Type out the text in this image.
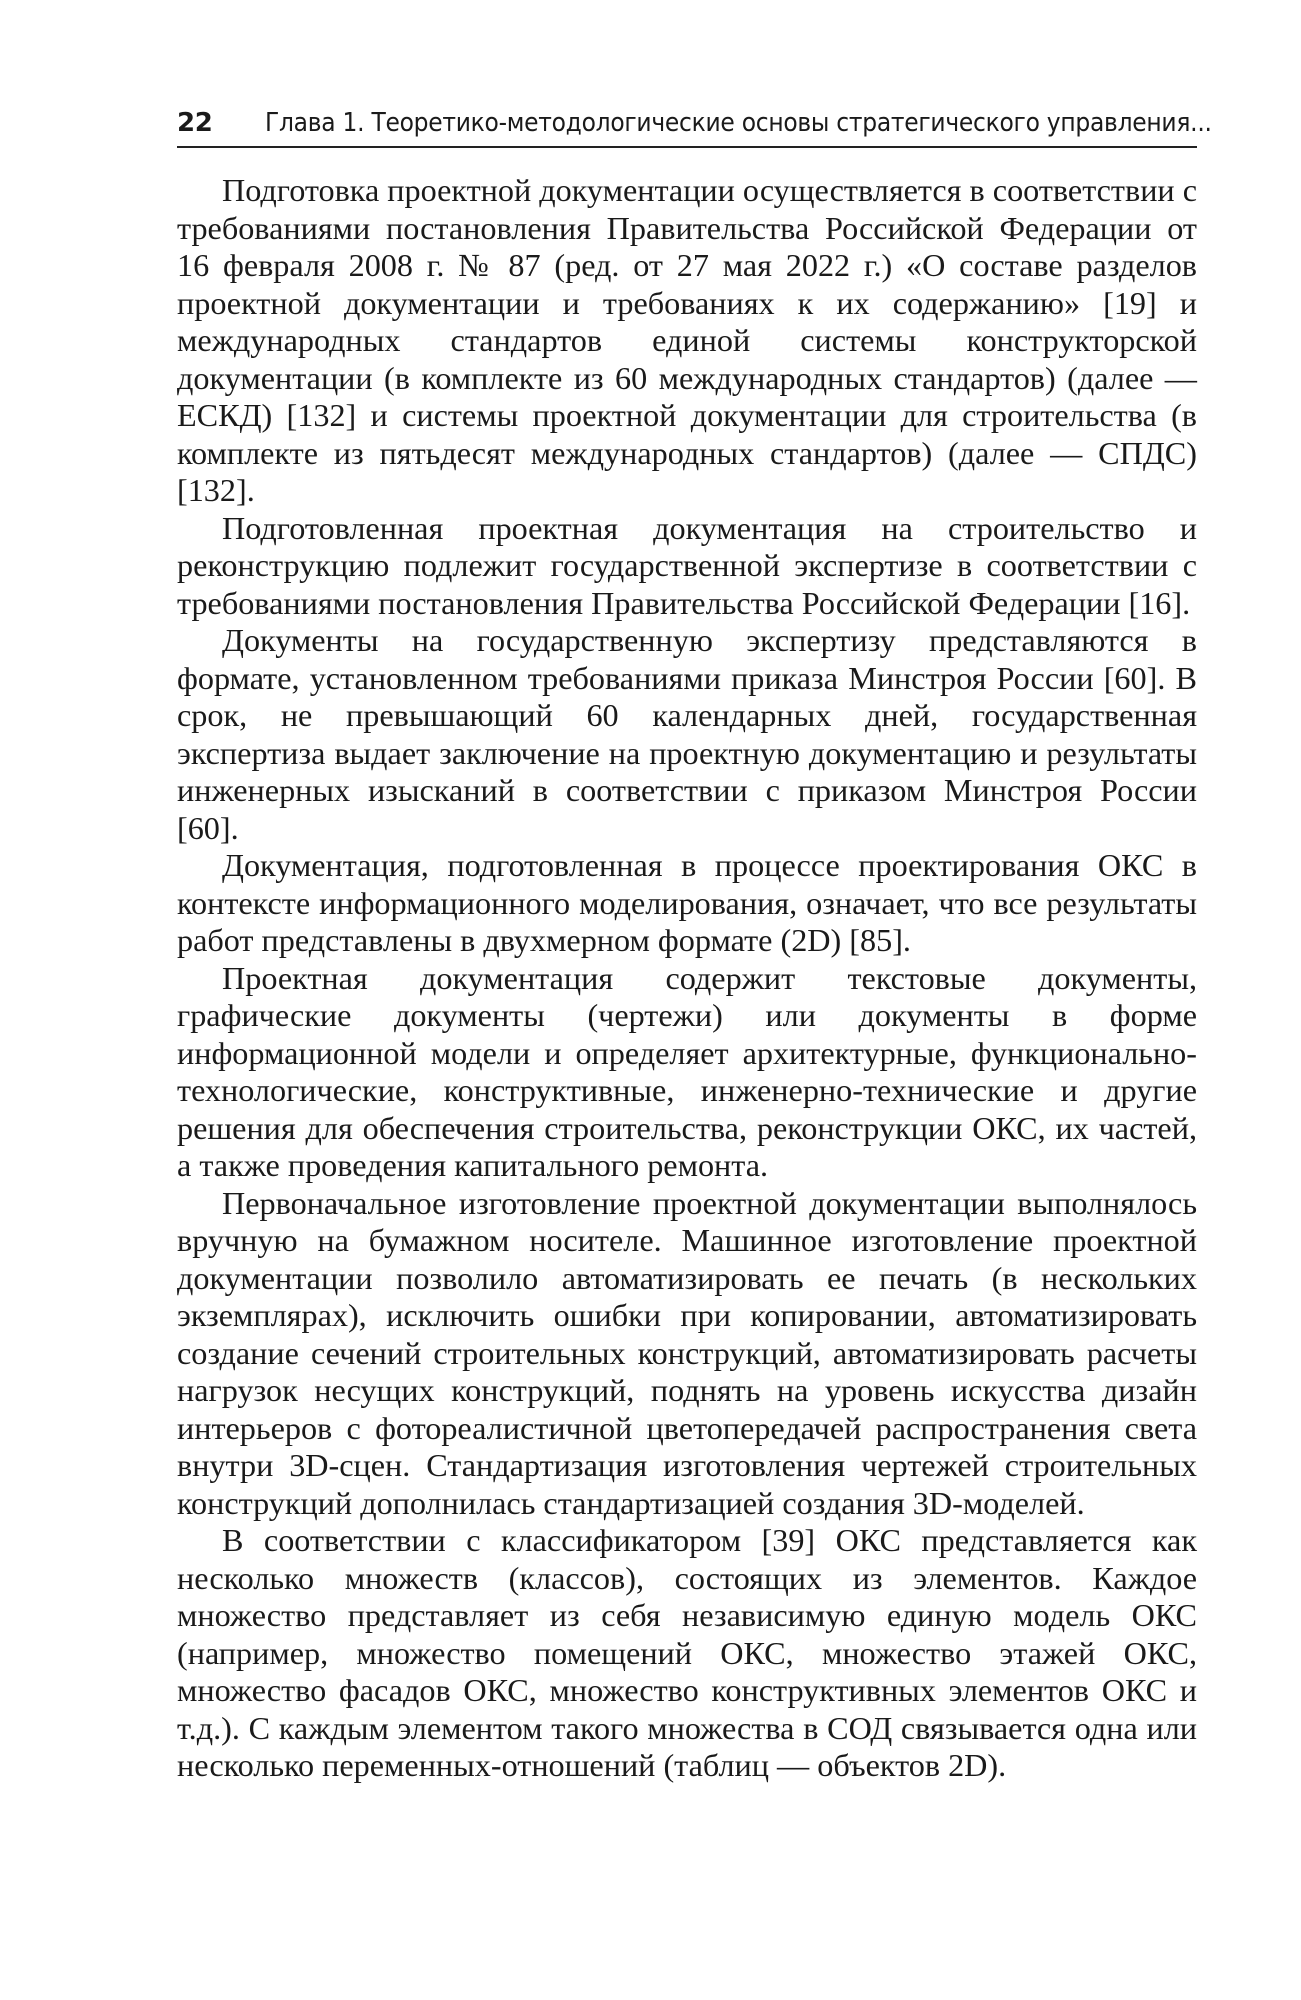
22	Глава 1. Теоретико-методологические основы стратегического управления...

Подготовка проектной документации осуществляется в соответствии с требованиями постановления Правительства Российской Федерации от 16 февраля 2008 г. № 87 (ред. от 27 мая 2022 г.) «О составе разделов проектной документации и требованиях к их содержанию» [19] и международных стандартов единой системы конструкторской документации (в комплекте из 60 международных стандартов) (далее — ЕСКД) [132] и системы проектной документации для строительства (в комплекте из пятьдесят международных стандартов) (далее — СПДС) [132].

Подготовленная проектная документация на строительство и реконструкцию подлежит государственной экспертизе в соответствии с требованиями постановления Правительства Российской Федерации [16].

Документы на государственную экспертизу представляются в формате, установленном требованиями приказа Минстроя России [60]. В срок, не превышающий 60 календарных дней, государственная экспертиза выдает заключение на проектную документацию и результаты инженерных изысканий в соответствии с приказом Минстроя России [60].

Документация, подготовленная в процессе проектирования ОКС в контексте информационного моделирования, означает, что все результаты работ представлены в двухмерном формате (2D) [85].

Проектная документация содержит текстовые документы, графические документы (чертежи) или документы в форме информационной модели и определяет архитектурные, функционально-технологические, конструктивные, инженерно-технические и другие решения для обеспечения строительства, реконструкции ОКС, их частей, а также проведения капитального ремонта.

Первоначальное изготовление проектной документации выполнялось вручную на бумажном носителе. Машинное изготовление проектной документации позволило автоматизировать ее печать (в нескольких экземплярах), исключить ошибки при копировании, автоматизировать создание сечений строительных конструкций, автоматизировать расчеты нагрузок несущих конструкций, поднять на уровень искусства дизайн интерьеров с фотореалистичной цветопередачей распространения света внутри 3D-сцен. Стандартизация изготовления чертежей строительных конструкций дополнилась стандартизацией создания 3D-моделей.

В соответствии с классификатором [39] ОКС представляется как несколько множеств (классов), состоящих из элементов. Каждое множество представляет из себя независимую единую модель ОКС (например, множество помещений ОКС, множество этажей ОКС, множество фасадов ОКС, множество конструктивных элементов ОКС и т.д.). С каждым элементом такого множества в СОД связывается одна или несколько переменных-отношений (таблиц — объектов 2D).
